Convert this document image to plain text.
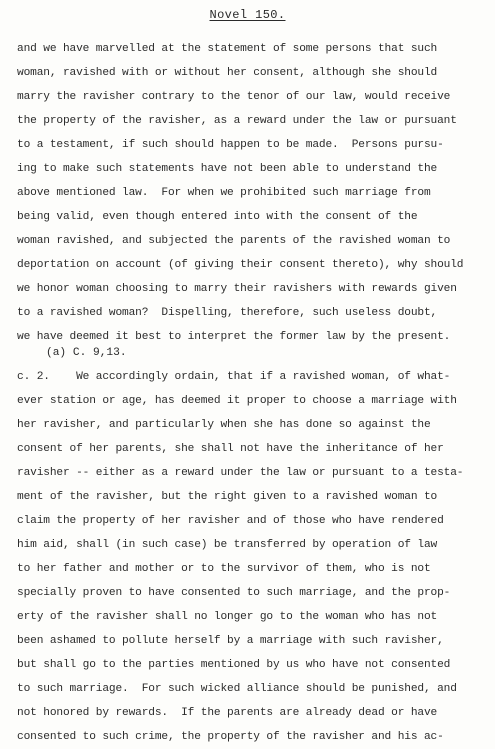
Novel 150.
and we have marvelled at the statement of some persons that such
woman, ravished with or without her consent, although she should
marry the ravisher contrary to the tenor of our law, would receive
the property of the ravisher, as a reward under the law or pursuant
to a testament, if such should happen to be made.  Persons pursu-
ing to make such statements have not been able to understand the
above mentioned law.  For when we prohibited such marriage from
being valid, even though entered into with the consent of the
woman ravished, and subjected the parents of the ravished woman to
deportation on account (of giving their consent thereto), why should
we honor woman choosing to marry their ravishers with rewards given
to a ravished woman?  Dispelling, therefore, such useless doubt,
we have deemed it best to interpret the former law by the present.
(a) C. 9,13.
c. 2.    We accordingly ordain, that if a ravished woman, of what-
ever station or age, has deemed it proper to choose a marriage with
her ravisher, and particularly when she has done so against the
consent of her parents, she shall not have the inheritance of her
ravisher -- either as a reward under the law or pursuant to a testa-
ment of the ravisher, but the right given to a ravished woman to
claim the property of her ravisher and of those who have rendered
him aid, shall (in such case) be transferred by operation of law
to her father and mother or to the survivor of them, who is not
specially proven to have consented to such marriage, and the prop-
erty of the ravisher shall no longer go to the woman who has not
been ashamed to pollute herself by a marriage with such ravisher,
but shall go to the parties mentioned by us who have not consented
to such marriage.  For such wicked alliance should be punished, and
not honored by rewards.  If the parents are already dead or have
consented to such crime, the property of the ravisher and his ac-
